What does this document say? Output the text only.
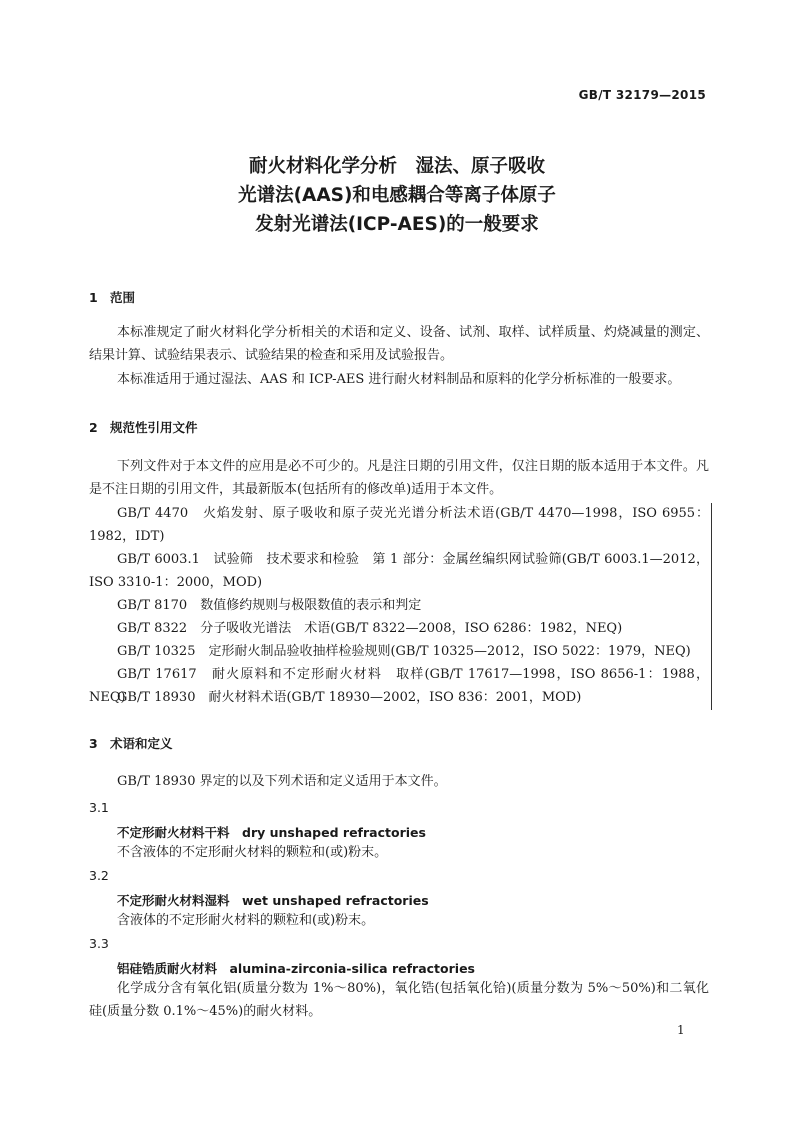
GB/T 32179—2015
耐火材料化学分析　湿法、原子吸收
光谱法(AAS)和电感耦合等离子体原子
发射光谱法(ICP-AES)的一般要求
1 范围
本标准规定了耐火材料化学分析相关的术语和定义、设备、试剂、取样、试样质量、灼烧减量的测定、结果计算、试验结果表示、试验结果的检查和采用及试验报告。
本标准适用于通过湿法、AAS 和 ICP-AES 进行耐火材料制品和原料的化学分析标准的一般要求。
2 规范性引用文件
下列文件对于本文件的应用是必不可少的。凡是注日期的引用文件，仅注日期的版本适用于本文件。凡是不注日期的引用文件，其最新版本(包括所有的修改单)适用于本文件。
GB/T 4470　火焰发射、原子吸收和原子荧光光谱分析法术语(GB/T 4470—1998，ISO 6955：1982，IDT)
GB/T 6003.1　试验筛　技术要求和检验　第 1 部分：金属丝编织网试验筛(GB/T 6003.1—2012，ISO 3310-1：2000，MOD)
GB/T 8170　数值修约规则与极限数值的表示和判定
GB/T 8322　分子吸收光谱法　术语(GB/T 8322—2008，ISO 6286：1982，NEQ)
GB/T 10325　定形耐火制品验收抽样检验规则(GB/T 10325—2012，ISO 5022：1979，NEQ)
GB/T 17617　耐火原料和不定形耐火材料　取样(GB/T 17617—1998，ISO 8656-1：1988，NEQ)
GB/T 18930　耐火材料术语(GB/T 18930—2002，ISO 836：2001，MOD)
3 术语和定义
GB/T 18930 界定的以及下列术语和定义适用于本文件。
3.1
不定形耐火材料干料　dry unshaped refractories
不含液体的不定形耐火材料的颗粒和(或)粉末。
3.2
不定形耐火材料湿料　wet unshaped refractories
含液体的不定形耐火材料的颗粒和(或)粉末。
3.3
铝硅锆质耐火材料　alumina-zirconia-silica refractories
化学成分含有氧化铝(质量分数为 1%～80%)，氧化锆(包括氧化铪)(质量分数为 5%～50%)和二氧化硅(质量分数 0.1%～45%)的耐火材料。
1
